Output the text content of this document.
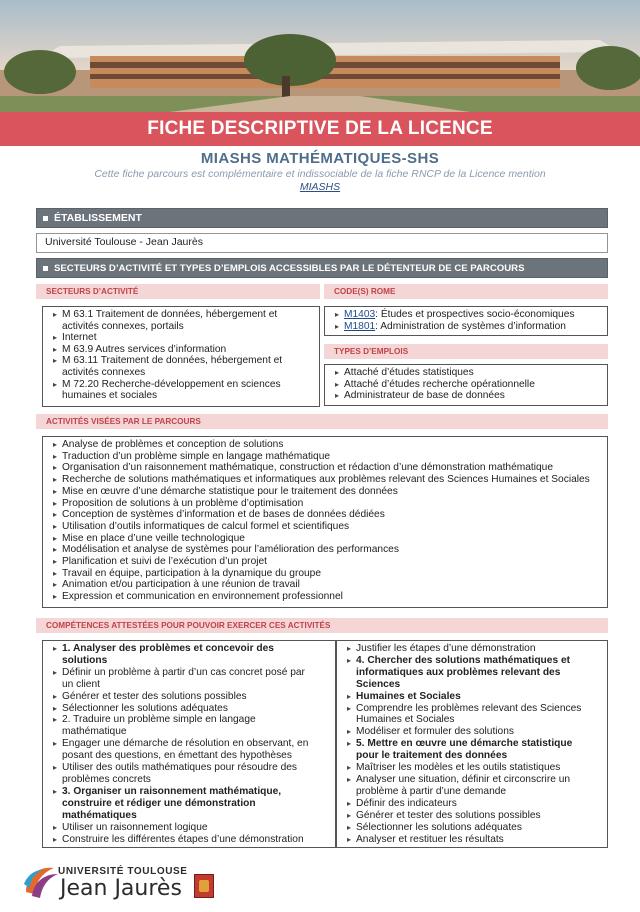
FICHE DESCRIPTIVE DE LA LICENCE
MIASHS MATHÉMATIQUES-SHS
Cette fiche parcours est complémentaire et indissociable de la fiche RNCP de la Licence mention
MIASHS
ÉTABLISSEMENT
Université Toulouse - Jean Jaurès
SECTEURS D’ACTIVITÉ ET TYPES D’EMPLOIS ACCESSIBLES PAR LE DÉTENTEUR DE CE PARCOURS
SECTEURS D’ACTIVITÉ
▸ M 63.1 Traitement de données, hébergement et
activités connexes, portails
▸ Internet
▸ M 63.9 Autres services d’information
▸ M 63.11 Traitement de données, hébergement et
activités connexes
▸ M 72.20 Recherche-développement en sciences
humaines et sociales
CODE(S) ROME
▸ M1403: Études et prospectives socio-économiques
▸ M1801: Administration de systèmes d’information
TYPES D’EMPLOIS
▸ Attaché d’études statistiques
▸ Attaché d’études recherche opérationnelle
▸ Administrateur de base de données
ACTIVITÉS VISÉES PAR LE PARCOURS
▸ Analyse de problèmes et conception de solutions
▸ Traduction d’un problème simple en langage mathématique
▸ Organisation d’un raisonnement mathématique, construction et rédaction d’une démonstration mathématique
▸ Recherche de solutions mathématiques et informatiques aux problèmes relevant des Sciences Humaines et Sociales
▸ Mise en œuvre d’une démarche statistique pour le traitement des données
▸ Proposition de solutions à un problème d’optimisation
▸ Conception de systèmes d’information et de bases de données dédiées
▸ Utilisation d’outils informatiques de calcul formel et scientifiques
▸ Mise en place d’une veille technologique
▸ Modélisation et analyse de systèmes pour l’amélioration des performances
▸ Planification et suivi de l’exécution d’un projet
▸ Travail en équipe, participation à la dynamique du groupe
▸ Animation et/ou participation à une réunion de travail
▸ Expression et communication en environnement professionnel
COMPÉTENCES ATTESTÉES POUR POUVOIR EXERCER CES ACTIVITÉS
▸ 1. Analyser des problèmes et concevoir des
solutions
▸ Définir un problème à partir d’un cas concret posé par
un client
▸ Générer et tester des solutions possibles
▸ Sélectionner les solutions adéquates
▸ 2. Traduire un problème simple en langage
mathématique
▸ Engager une démarche de résolution en observant, en
posant des questions, en émettant des hypothèses
▸ Utiliser des outils mathématiques pour résoudre des
problèmes concrets
▸ 3. Organiser un raisonnement mathématique,
construire et rédiger une démonstration
mathématiques
▸ Utiliser un raisonnement logique
▸ Construire les différentes étapes d’une démonstration
▸ Justifier les étapes d’une démonstration
▸ 4. Chercher des solutions mathématiques et
informatiques aux problèmes relevant des
Sciences
▸ Humaines et Sociales
▸ Comprendre les problèmes relevant des Sciences
Humaines et Sociales
▸ Modéliser et formuler des solutions
▸ 5. Mettre en œuvre une démarche statistique
pour le traitement des données
▸ Maîtriser les modèles et les outils statistiques
▸ Analyser une situation, définir et circonscrire un
problème à partir d’une demande
▸ Définir des indicateurs
▸ Générer et tester des solutions possibles
▸ Sélectionner les solutions adéquates
▸ Analyser et restituer les résultats
UNIVERSITÉ TOULOUSE
Jean Jaurès
